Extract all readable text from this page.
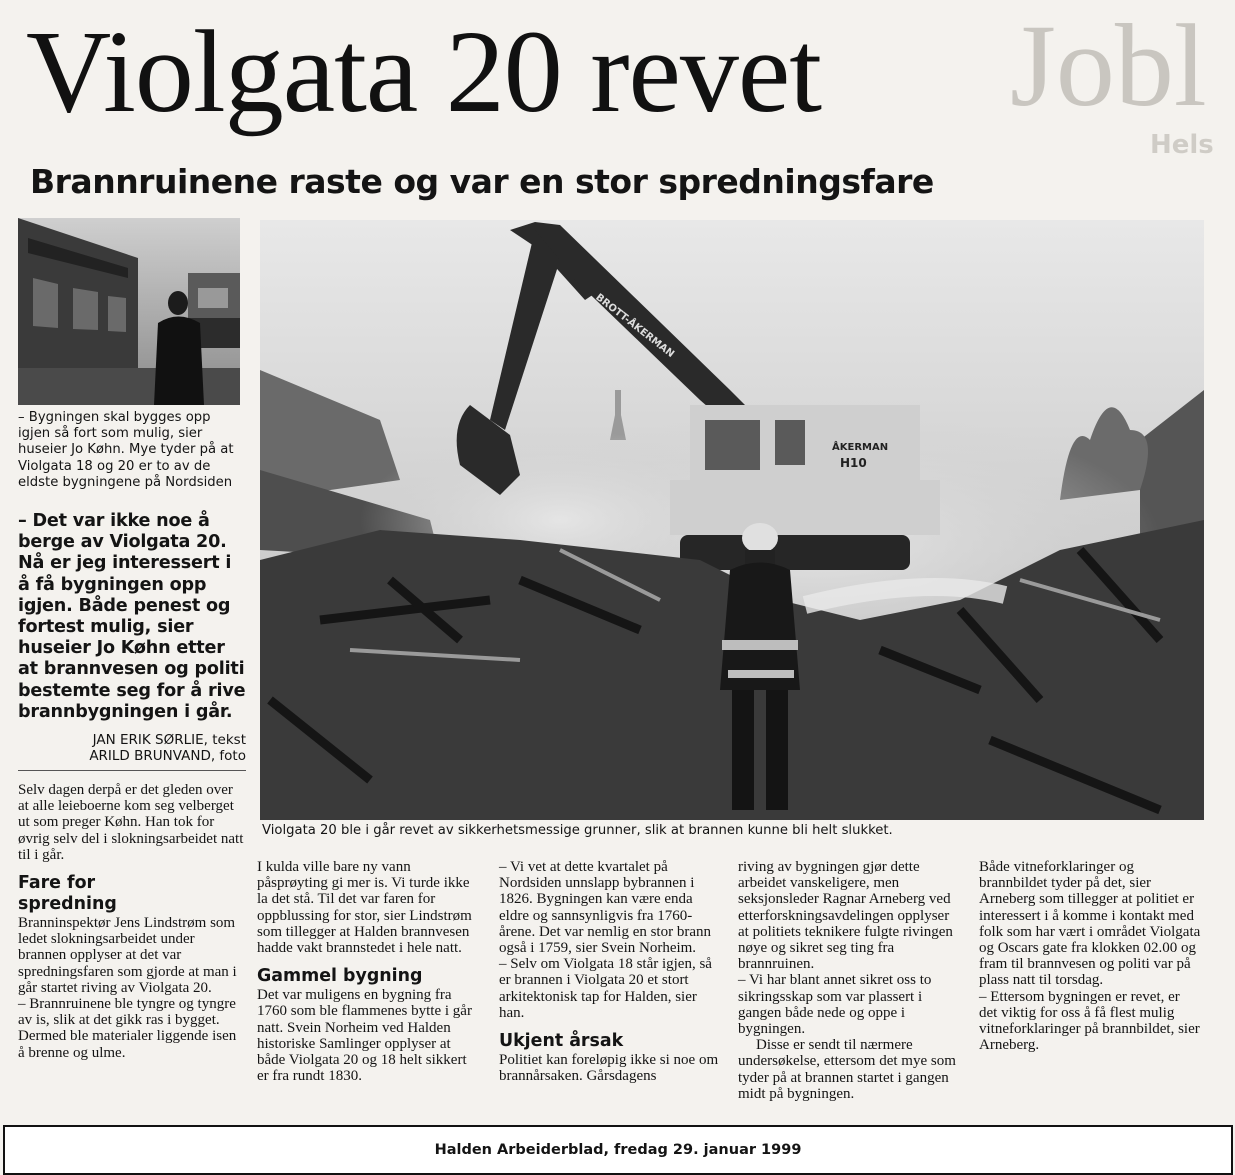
Jobl
Hels
Violgata 20 revet
Brannruinene raste og var en stor spredningsfare
– Bygningen skal bygges opp igjen så fort som mulig, sier huseier Jo Køhn. Mye tyder på at Violgata 18 og 20 er to av de eldste bygningene på Nordsiden
– Det var ikke noe å berge av Violgata 20. Nå er jeg interessert i å få bygningen opp igjen. Både penest og fortest mulig, sier huseier Jo Køhn etter at brannvesen og politi bestemte seg for å rive brannbygningen i går.
JAN ERIK SØRLIE, tekst
ARILD BRUNVAND, foto
BROTT-ÅKERMAN
ÅKERMAN
H10
Violgata 20 ble i går revet av sikkerhetsmessige grunner, slik at brannen kunne bli helt slukket.

Selv dagen derpå er det gleden over at alle leieboerne kom seg velberget ut som preger Køhn. Han tok for øvrig selv del i slokningsarbeidet natt til i går.

Fare for spredning

Branninspektør Jens Lindstrøm som ledet slokningsarbeidet under brannen opplyser at det var spredningsfaren som gjorde at man i går startet riving av Violgata 20.

– Brannruinene ble tyngre og tyngre av is, slik at det gikk ras i bygget. Dermed ble materialer liggende isen å brenne og ulme.

I kulda ville bare ny vann påsprøyting gi mer is. Vi turde ikke la det stå. Til det var faren for oppblussing for stor, sier Lindstrøm som tillegger at Halden brannvesen hadde vakt brannstedet i hele natt.

Gammel bygning

Det var muligens en bygning fra 1760 som ble flammenes bytte i går natt. Svein Norheim ved Halden historiske Samlinger opplyser at både Violgata 20 og 18 helt sikkert er fra rundt 1830.

– Vi vet at dette kvartalet på Nordsiden unnslapp bybrannen i 1826. Bygningen kan være enda eldre og sannsynligvis fra 1760-årene. Det var nemlig en stor brann også i 1759, sier Svein Norheim.

– Selv om Violgata 18 står igjen, så er brannen i Violgata 20 et stort arkitektonisk tap for Halden, sier han.

Ukjent årsak

Politiet kan foreløpig ikke si noe om brannårsaken. Gårsdagens

riving av bygningen gjør dette arbeidet vanskeligere, men seksjonsleder Ragnar Arneberg ved etterforskningsavdelingen opplyser at politiets teknikere fulgte rivingen nøye og sikret seg ting fra brannruinen.

– Vi har blant annet sikret oss to sikringsskap som var plassert i gangen både nede og oppe i bygningen.

Disse er sendt til nærmere undersøkelse, ettersom det mye som tyder på at brannen startet i gangen midt på bygningen.

Både vitneforklaringer og brannbildet tyder på det, sier Arneberg som tillegger at politiet er interessert i å komme i kontakt med folk som har vært i området Violgata og Oscars gate fra klokken 02.00 og fram til brannvesen og politi var på plass natt til torsdag.

– Ettersom bygningen er revet, er det viktig for oss å få flest mulig vitneforklaringer på brannbildet, sier Arneberg.

Halden Arbeiderblad, fredag 29. januar 1999
